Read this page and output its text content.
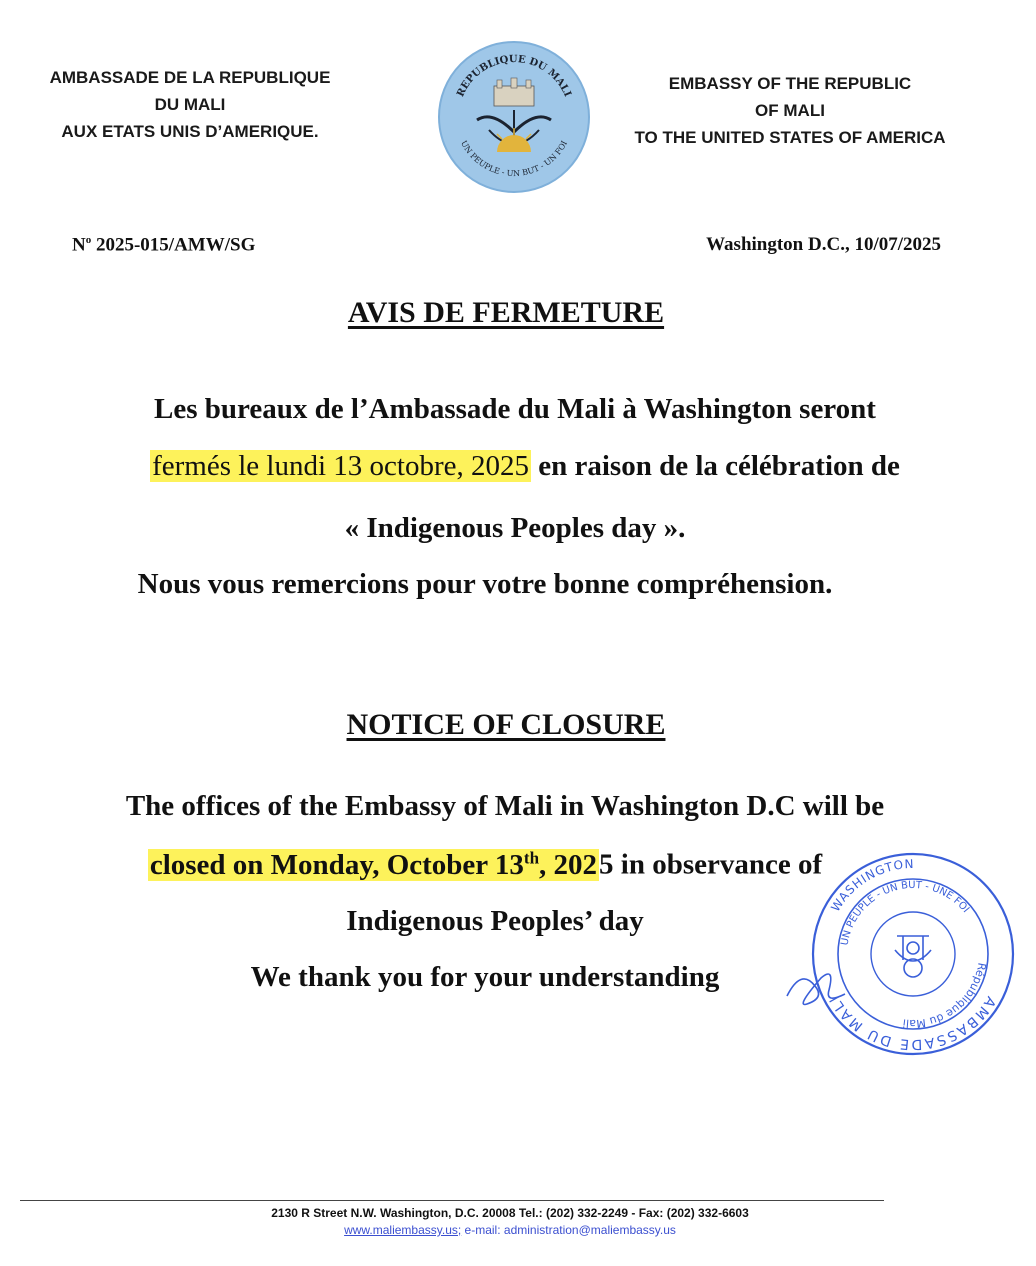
AMBASSADE DE LA REPUBLIQUE
DU MALI
AUX ETATS UNIS D’AMERIQUE.
REPUBLIQUE DU MALI
UN PEUPLE - UN BUT - UN FOI
EMBASSY OF THE REPUBLIC
OF MALI
TO THE UNITED STATES OF AMERICA
$N^o$ 2025-015/AMW/SG	Washington D.C., 10/07/2025
AVIS DE FERMETURE
Les bureaux de l’Ambassade du Mali à Washington seront
fermés le lundi 13 octobre, 2025 en raison de la célébration de
« Indigenous Peoples day ».
Nous vous remercions pour votre bonne compréhension.
NOTICE OF CLOSURE
The offices of the Embassy of Mali in Washington D.C will be
closed on Monday, October 13th, 2025 in observance of
Indigenous Peoples’ day
We thank you for your understanding
AMBASSADE DU MALI
WASHINGTON
République du Mali
UN PEUPLE - UN BUT - UNE FOI
2130 R Street N.W. Washington, D.C. 20008 Tel.: (202) 332-2249 - Fax: (202) 332-6603
www.maliembassy.us; e-mail: administration@maliembassy.us
